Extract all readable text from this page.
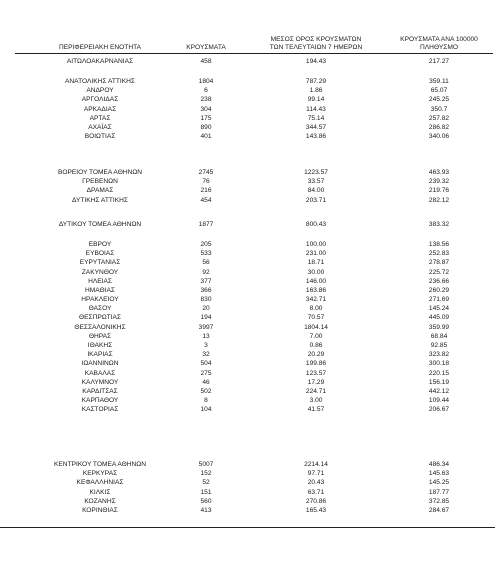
ΠΕΡΙΦΕΡΕΙΑΚΗ ΕΝΟΤΗΤΑ	ΚΡΟΥΣΜΑΤΑ
ΜΕΣΟΣ ΟΡΟΣ ΚΡΟΥΣΜΑΤΩΝ
ΤΩΝ ΤΕΛΕΥΤΑΙΩΝ 7 ΗΜΕΡΩΝ
ΚΡΟΥΣΜΑΤΑ ΑΝΑ 100000
ΠΛΗΘΥΣΜΟ
ΑΙΤΩΛΟΑΚΑΡΝΑΝΙΑΣ	458	194.43	217.27
ΑΝΑΤΟΛΙΚΗΣ ΑΤΤΙΚΗΣ	1804	787.29	359.11
ΑΝΔΡΟΥ	6	1.86	65.07
ΑΡΓΟΛΙΔΑΣ	238	99.14	245.25
ΑΡΚΑΔΙΑΣ	304	114.43	350.7
ΑΡΤΑΣ	175	75.14	257.82
ΑΧΑΪΑΣ	890	344.57	286.82
ΒΟΙΩΤΙΑΣ	401	143.86	340.06
ΒΟΡΕΙΟΥ ΤΟΜΕΑ ΑΘΗΝΩΝ	2745	1223.57	463.93
ΓΡΕΒΕΝΩΝ	76	33.57	239.32
ΔΡΑΜΑΣ	216	84.00	219.76
ΔΥΤΙΚΗΣ ΑΤΤΙΚΗΣ	454	203.71	282.12
ΔΥΤΙΚΟΥ ΤΟΜΕΑ ΑΘΗΝΩΝ	1877	800.43	383.32
ΕΒΡΟΥ	205	100.00	138.56
ΕΥΒΟΙΑΣ	533	231.00	252.83
ΕΥΡΥΤΑΝΙΑΣ	56	18.71	278.87
ΖΑΚΥΝΘΟΥ	92	30.00	225.72
ΗΛΕΙΑΣ	377	146.00	236.66
ΗΜΑΘΙΑΣ	366	163.86	260.29
ΗΡΑΚΛΕΙΟΥ	830	342.71	271.69
ΘΑΣΟΥ	20	8.00	145.24
ΘΕΣΠΡΩΤΙΑΣ	194	70.57	445.09
ΘΕΣΣΑΛΟΝΙΚΗΣ	3997	1804.14	359.99
ΘΗΡΑΣ	13	7.00	68.84
ΙΘΑΚΗΣ	3	0.86	92.85
ΙΚΑΡΙΑΣ	32	20.29	323.82
ΙΩΑΝΝΙΝΩΝ	504	199.86	300.18
ΚΑΒΑΛΑΣ	275	123.57	220.15
ΚΑΛΥΜΝΟΥ	46	17.29	156.19
ΚΑΡΔΙΤΣΑΣ	502	224.71	442.12
ΚΑΡΠΑΘΟΥ	8	3.00	109.44
ΚΑΣΤΟΡΙΑΣ	104	41.57	206.67
ΚΕΝΤΡΙΚΟΥ ΤΟΜΕΑ ΑΘΗΝΩΝ	5007	2214.14	486.34
ΚΕΡΚΥΡΑΣ	152	97.71	145.63
ΚΕΦΑΛΛΗΝΙΑΣ	52	20.43	145.25
ΚΙΛΚΙΣ	151	63.71	187.77
ΚΟΖΑΝΗΣ	560	270.86	372.85
ΚΟΡΙΝΘΙΑΣ	413	165.43	284.67
